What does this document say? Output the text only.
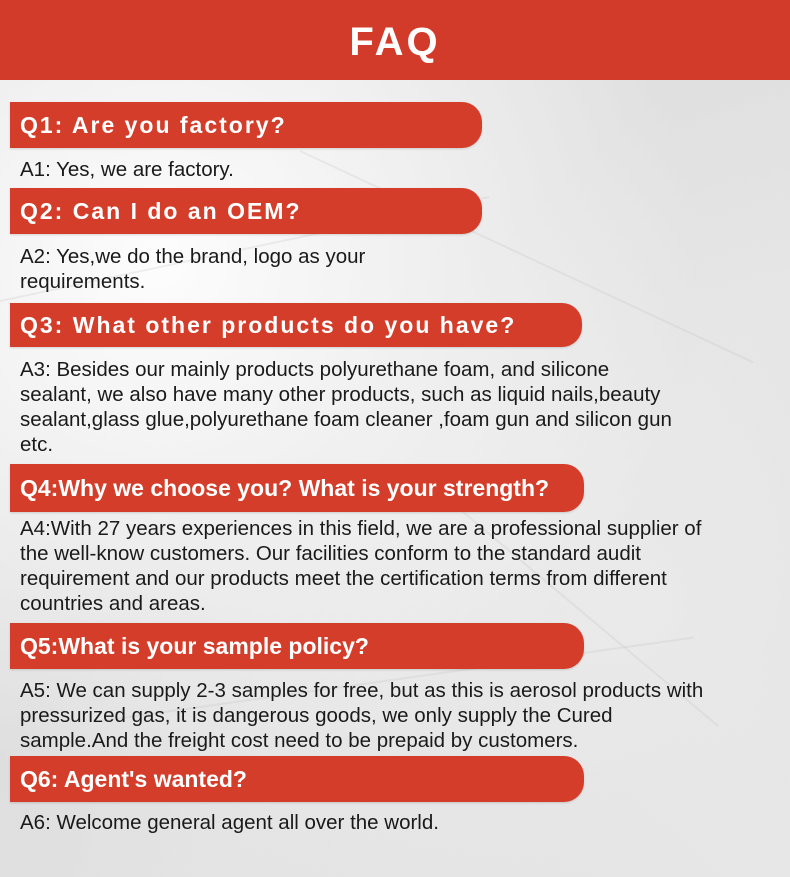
FAQ
Q1: Are you factory?

A1: Yes, we are factory.

Q2: Can I do an OEM?

A2: Yes,we do the brand, logo as your
requirements.

Q3: What other products do you have?

A3: Besides our mainly products polyurethane foam, and silicone
sealant, we also have many other products, such as liquid nails,beauty
sealant,glass glue,polyurethane foam cleaner ,foam gun and silicon gun
etc.

Q4:Why we choose you? What is your strength?

A4:With 27 years experiences in this field, we are a professional supplier of
the well-know customers. Our facilities conform to the standard audit
requirement and our products meet the certification terms from different
countries and areas.

Q5:What is your sample policy?

A5: We can supply 2-3 samples for free, but as this is aerosol products with
pressurized gas, it is dangerous goods, we only supply the Cured
sample.And the freight cost need to be prepaid by customers.

Q6: Agent's wanted?

A6: Welcome general agent all over the world.
